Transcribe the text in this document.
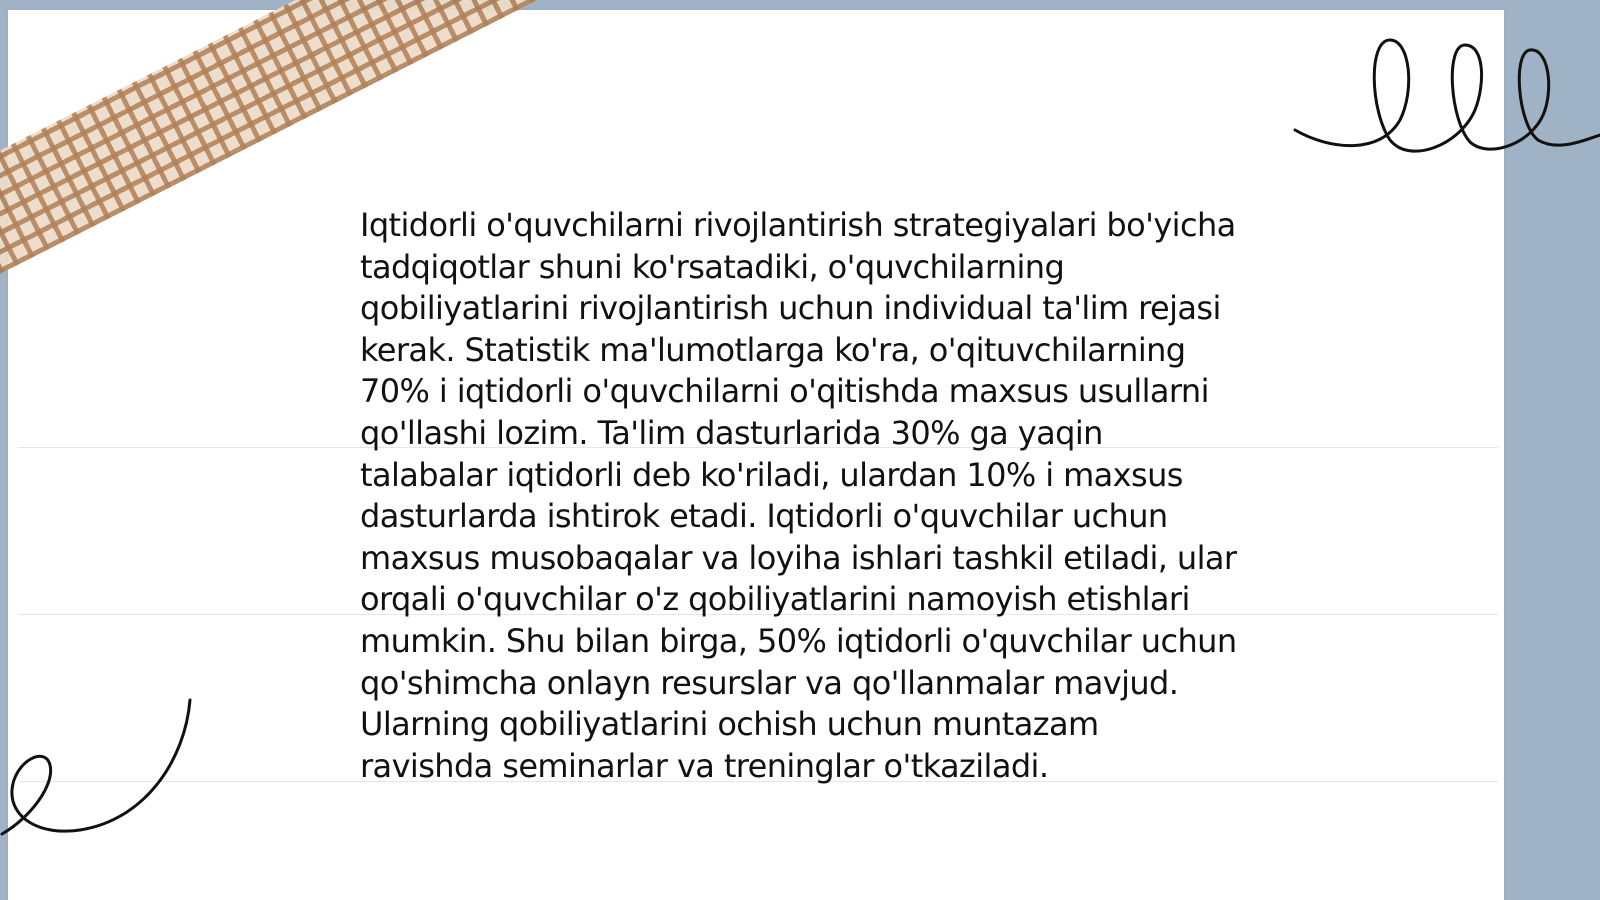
Iqtidorli o'quvchilarni rivojlantirish strategiyalari bo'yicha tadqiqotlar shuni ko'rsatadiki, o'quvchilarning qobiliyatlarini rivojlantirish uchun individual ta'lim rejasi kerak. Statistik ma'lumotlarga ko'ra, o'qituvchilarning 70% i iqtidorli o'quvchilarni o'qitishda maxsus usullarni qo'llashi lozim. Ta'lim dasturlarida 30% ga yaqin talabalar iqtidorli deb ko'riladi, ulardan 10% i maxsus dasturlarda ishtirok etadi. Iqtidorli o'quvchilar uchun maxsus musobaqalar va loyiha ishlari tashkil etiladi, ular orqali o'quvchilar o'z qobiliyatlarini namoyish etishlari mumkin. Shu bilan birga, 50% iqtidorli o'quvchilar uchun qo'shimcha onlayn resurslar va qo'llanmalar mavjud. Ularning qobiliyatlarini ochish uchun muntazam ravishda seminarlar va treninglar o'tkaziladi.
